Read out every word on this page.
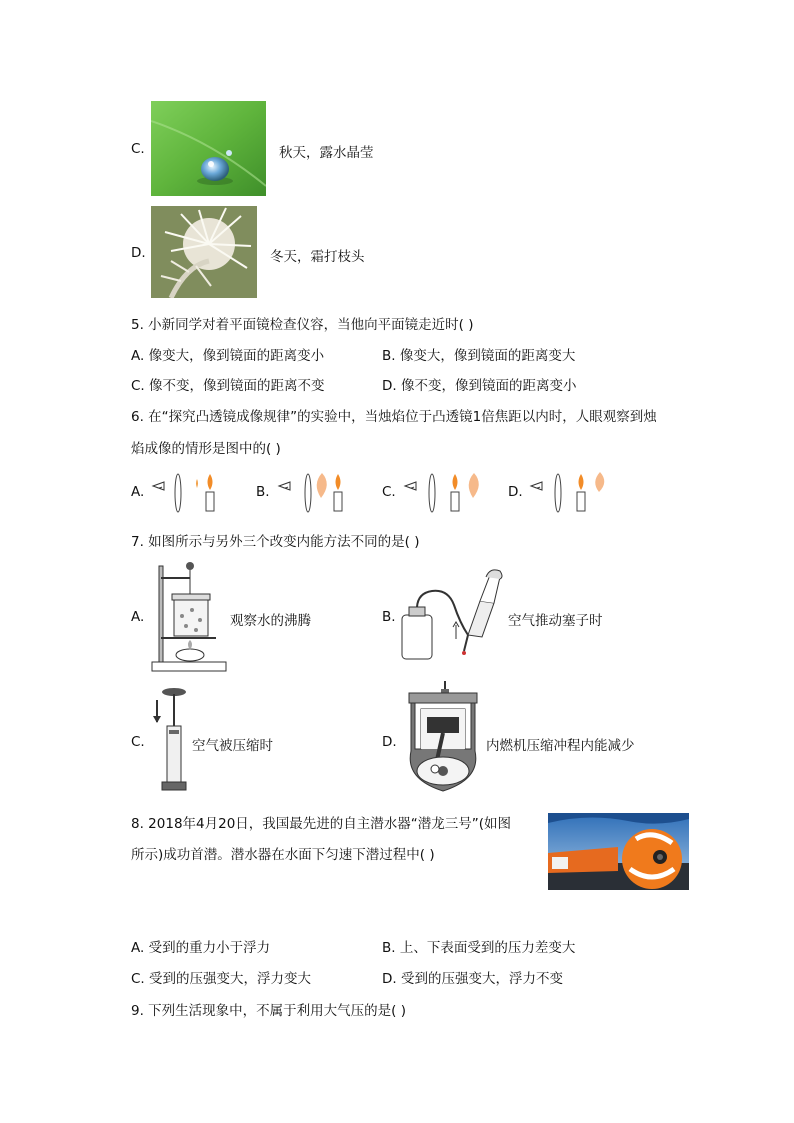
C.	秋天，露水晶莹
D.	冬天，霜打枝头
5. 小新同学对着平面镜检查仪容，当他向平面镜走近时( )
A. 像变大，像到镜面的距离变小	B. 像变大，像到镜面的距离变大
C. 像不变，像到镜面的距离不变	D. 像不变，像到镜面的距离变小
6. 在“探究凸透镜成像规律”的实验中，当烛焰位于凸透镜1倍焦距以内时，人眼观察到烛
焰成像的情形是图中的( )
A.	B.	C.	D.
7. 如图所示与另外三个改变内能方法不同的是( )
A.	观察水的沸腾	B.	空气推动塞子时
C.	空气被压缩时	D.	内燃机压缩冲程内能减少
8. 2018年4月20日，我国最先进的自主潜水器“潜龙三号”(如图
所示)成功首潜。潜水器在水面下匀速下潜过程中( )
A. 受到的重力小于浮力	B. 上、下表面受到的压力差变大
C. 受到的压强变大，浮力变大	D. 受到的压强变大，浮力不变
9. 下列生活现象中，不属于利用大气压的是( )
